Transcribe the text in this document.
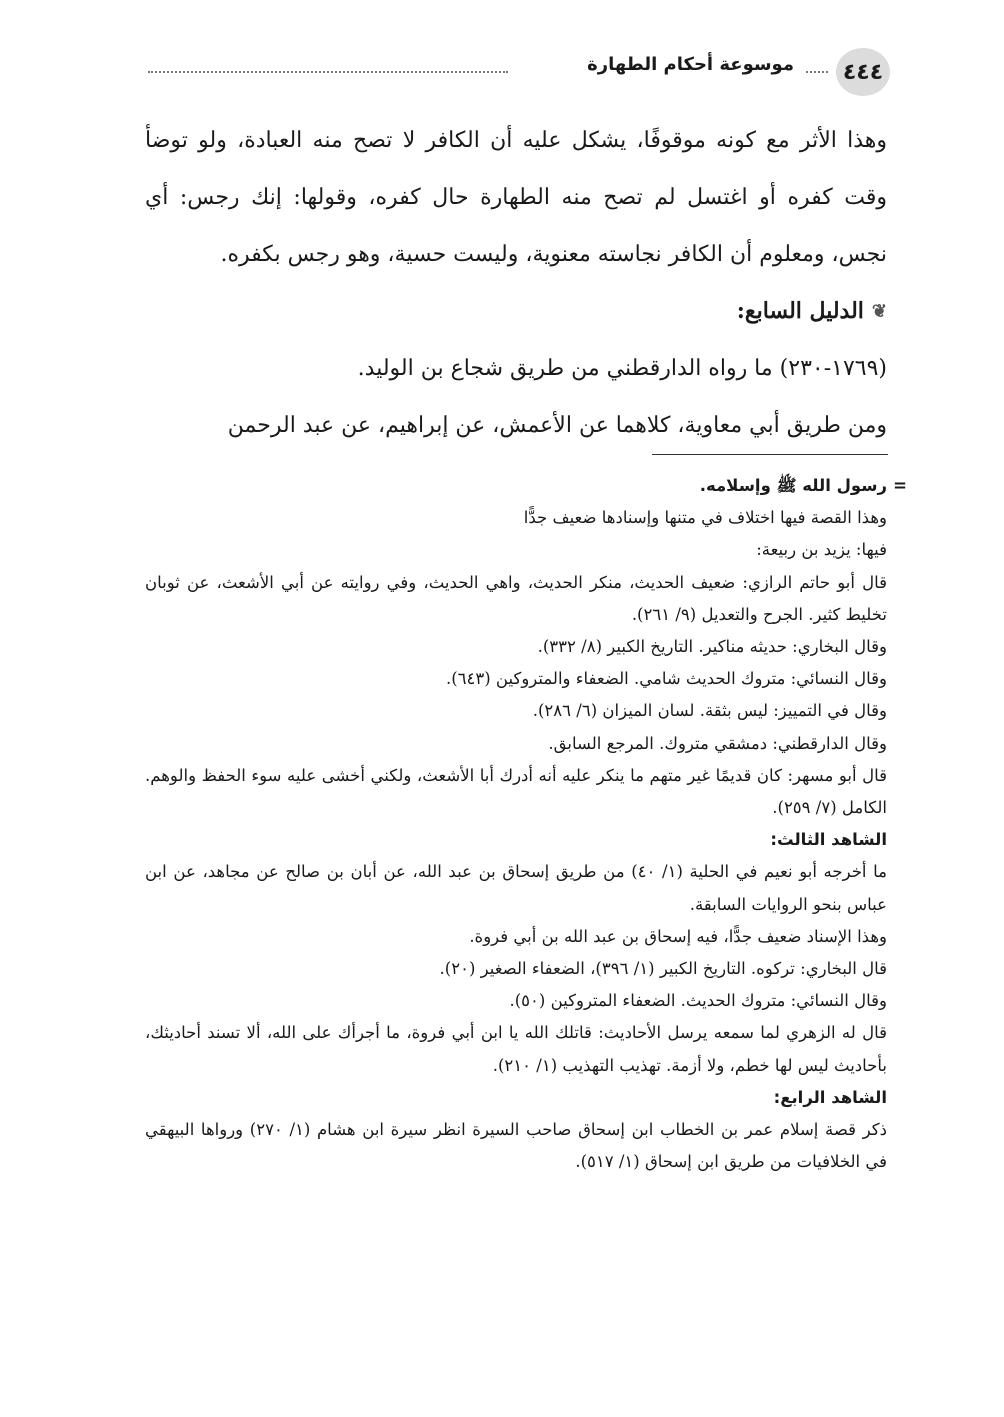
٤٤٤
موسوعة أحكام الطهارة

وهذا الأثر مع كونه موقوفًا، يشكل عليه أن الكافر لا تصح منه العبادة، ولو توضأ وقت كفره أو اغتسل لم تصح منه الطهارة حال كفره، وقولها: إنك رجس: أي نجس، ومعلوم أن الكافر نجاسته معنوية، وليست حسية، وهو رجس بكفره.

❦
الدليل السابع:

(١٧٦٩-٢٣٠) ما رواه الدارقطني من طريق شجاع بن الوليد.

ومن طريق أبي معاوية، كلاهما عن الأعمش، عن إبراهيم، عن عبد الرحمن

=
رسول الله ﷺ وإسلامه.

وهذا القصة فيها اختلاف في متنها وإسنادها ضعيف جدًّا

فيها: يزيد بن ربيعة:

قال أبو حاتم الرازي: ضعيف الحديث، منكر الحديث، واهي الحديث، وفي روايته عن أبي الأشعث، عن ثوبان تخليط كثير. الجرح والتعديل (٩/ ٢٦١).

وقال البخاري: حديثه مناكير. التاريخ الكبير (٨/ ٣٣٢).

وقال النسائي: متروك الحديث شامي. الضعفاء والمتروكين (٦٤٣).

وقال في التمييز: ليس بثقة. لسان الميزان (٦/ ٢٨٦).

وقال الدارقطني: دمشقي متروك. المرجع السابق.

قال أبو مسهر: كان قديمًا غير متهم ما ينكر عليه أنه أدرك أبا الأشعث، ولكني أخشى عليه سوء الحفظ والوهم. الكامل (٧/ ٢٥٩).

الشاهد الثالث:

ما أخرجه أبو نعيم في الحلية (١/ ٤٠) من طريق إسحاق بن عبد الله، عن أبان بن صالح عن مجاهد، عن ابن عباس بنحو الروايات السابقة.

وهذا الإسناد ضعيف جدًّا، فيه إسحاق بن عبد الله بن أبي فروة.

قال البخاري: تركوه. التاريخ الكبير (١/ ٣٩٦)، الضعفاء الصغير (٢٠).

وقال النسائي: متروك الحديث. الضعفاء المتروكين (٥٠).

قال له الزهري لما سمعه يرسل الأحاديث: قاتلك الله يا ابن أبي فروة، ما أجرأك على الله، ألا تسند أحاديثك، بأحاديث ليس لها خطم، ولا أزمة. تهذيب التهذيب (١/ ٢١٠).

الشاهد الرابع:

ذكر قصة إسلام عمر بن الخطاب ابن إسحاق صاحب السيرة انظر سيرة ابن هشام (١/ ٢٧٠) ورواها البيهقي في الخلافيات من طريق ابن إسحاق (١/ ٥١٧).
